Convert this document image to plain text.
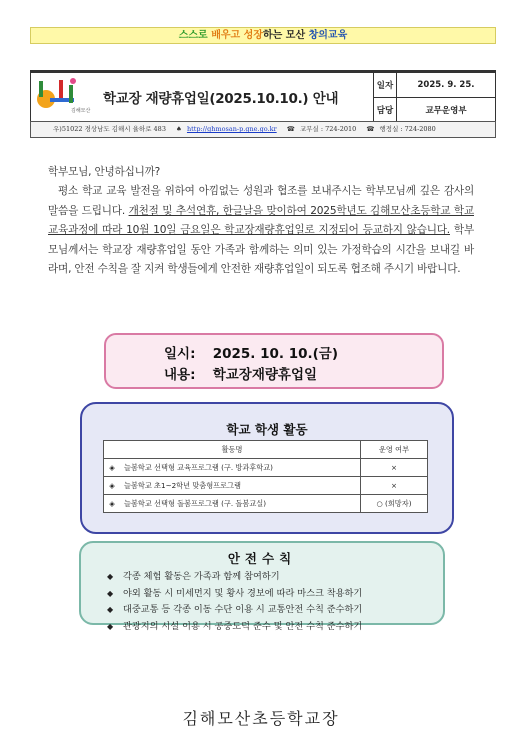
스스로 배우고 성장하는 모산 창의교육
김해모산
학교장 재량휴업일(2025.10.10.) 안내
일자	2025. 9. 25.
담당	교무운영부
우)51022 경상남도 김해시 율하로 483 ♠ http://ghmosan-p.gne.go.kr ☎ 교무실 : 724-2010 ☎ 행정실 : 724-2080

학부모님, 안녕하십니까?

평소 학교 교육 발전을 위하여 아낌없는 성원과 협조를 보내주시는 학부모님께 깊은 감사의 말씀을 드립니다. 개천절 및 추석연휴, 한글날을 맞이하여 2025학년도 김해모산초등학교 학교교육과정에 따라 10월 10일 금요일은 학교장재량휴업일로 지정되어 등교하지 않습니다. 학부모님께서는 학교장 재량휴업일 동안 가족과 함께하는 의미 있는 가정학습의 시간을 보내길 바라며, 안전 수칙을 잘 지켜 학생들에게 안전한 재량휴업일이 되도록 협조해 주시기 바랍니다.

일시: 2025. 10. 10.(금)
내용: 학교장재량휴업일
학교 학생 활동
활동명		운영 여부
◈	늘봄학교 선택형 교육프로그램 (구. 방과후학교)	×
◈	늘봄학교 초1~2학년 맞춤형프로그램	×
◈	늘봄학교 선택형 돌봄프로그램 (구. 돌봄교실)	○ (희망자)
안전수칙
◆ 각종 체험 활동은 가족과 함께 참여하기
◆ 야외 활동 시 미세먼지 및 황사 경보에 따라 마스크 착용하기
◆ 대중교통 등 각종 이동 수단 이용 시 교통안전 수칙 준수하기
◆ 관광지의 시설 이용 시 공중도덕 준수 및 안전 수칙 준수하기
김해모산초등학교장
